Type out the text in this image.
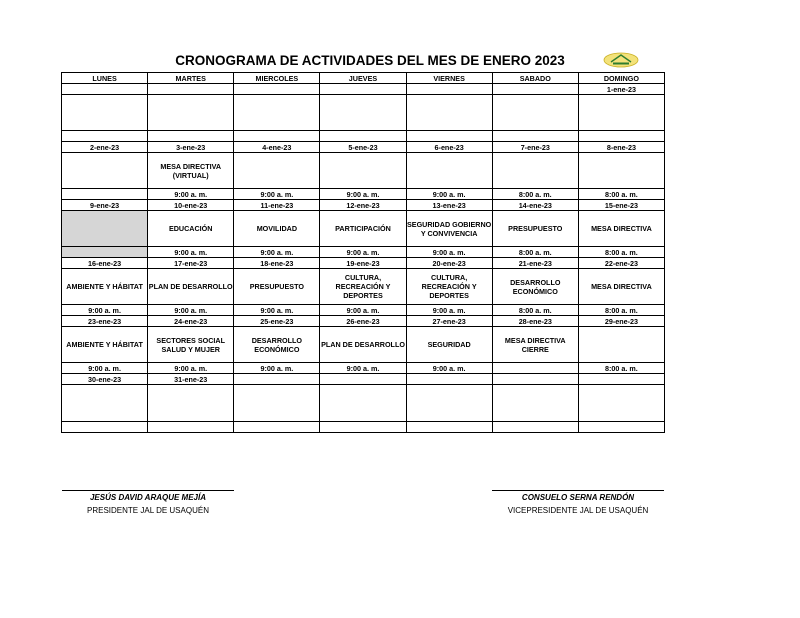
CRONOGRAMA DE ACTIVIDADES DEL MES DE ENERO 2023
LUNES	MARTES	MIERCOLES	JUEVES	VIERNES	SABADO	DOMINGO
						1-ene-23

2-ene-23	3-ene-23	4-ene-23	5-ene-23	6-ene-23	7-ene-23	8-ene-23
	MESA DIRECTIVA (VIRTUAL)					
	9:00 a. m.	9:00 a. m.	9:00 a. m.	9:00 a. m.	8:00 a. m.	8:00 a. m.
9-ene-23	10-ene-23	11-ene-23	12-ene-23	13-ene-23	14-ene-23	15-ene-23
	EDUCACIÓN	MOVILIDAD	PARTICIPACIÓN	SEGURIDAD GOBIERNO Y CONVIVENCIA	PRESUPUESTO	MESA DIRECTIVA
	9:00 a. m.	9:00 a. m.	9:00 a. m.	9:00 a. m.	8:00 a. m.	8:00 a. m.
16-ene-23	17-ene-23	18-ene-23	19-ene-23	20-ene-23	21-ene-23	22-ene-23
AMBIENTE Y HÁBITAT	PLAN DE DESARROLLO	PRESUPUESTO	CULTURA, RECREACIÓN Y DEPORTES	CULTURA, RECREACIÓN Y DEPORTES	DESARROLLO ECONÓMICO	MESA DIRECTIVA
9:00 a. m.	9:00 a. m.	9:00 a. m.	9:00 a. m.	9:00 a. m.	8:00 a. m.	8:00 a. m.
23-ene-23	24-ene-23	25-ene-23	26-ene-23	27-ene-23	28-ene-23	29-ene-23
AMBIENTE Y HÁBITAT	SECTORES SOCIAL SALUD Y MUJER	DESARROLLO ECONÓMICO	PLAN DE DESARROLLO	SEGURIDAD	MESA DIRECTIVA CIERRE	
9:00 a. m.	9:00 a. m.	9:00 a. m.	9:00 a. m.	9:00 a. m.		8:00 a. m.
30-ene-23	31-ene-23					

JESÚS DAVID ARAQUE MEJÍA
PRESIDENTE JAL DE USAQUÉN
CONSUELO SERNA RENDÓN
VICEPRESIDENTE JAL DE USAQUÉN
